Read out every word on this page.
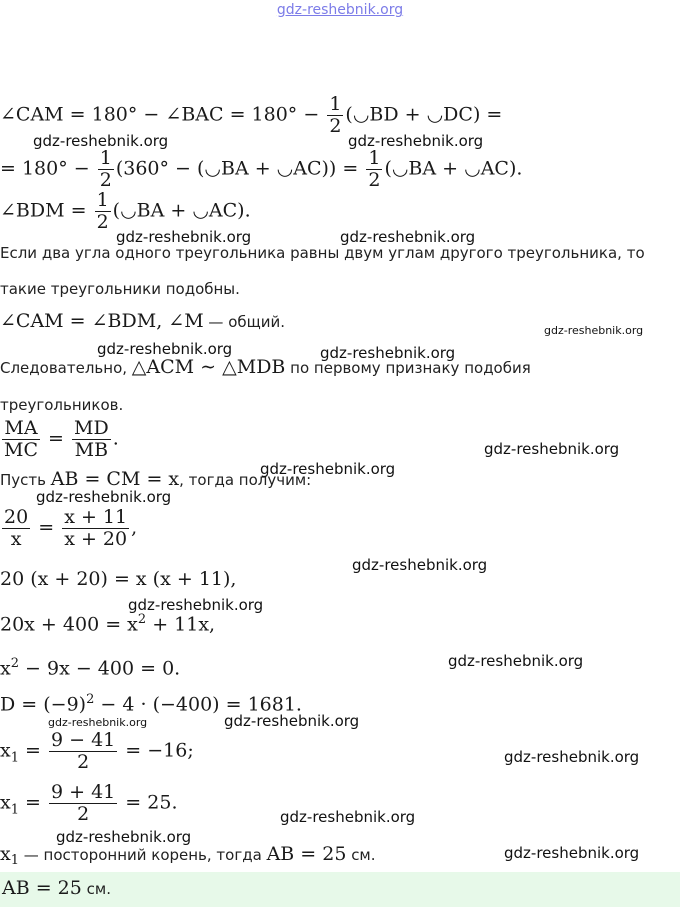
gdz-reshebnik.org
∠CAM = 180° − ∠BAC = $180^\circ - \frac{1}{2}$ (◡BD + ◡DC) =
= $180^\circ - \frac{1}{2} (360^\circ$ − (◡BA + ◡AC)) = $\frac{1}{2}$ (◡BA + ◡AC).
∠BDM = $\frac{1}{2}$ (◡BA + ◡AC).
Если два угла одного треугольника равны двум углам другого треугольника, то
такие треугольники подобны.
∠CAM = ∠BDM, ∠M — общий.
Следовательно, △ACM ∼ △MDB по первому признаку подобия
треугольников.
$\frac{MA}{MC} = \frac{MD}{MB}$ .
Пусть AB = CM = x, тогда получим:
$\frac{20}{x} = \frac{x + 11}{x + 20}$ ,
20 (x + 20) = x (x + 11),
$20x + 400 = x^2 + 11x$,
$x^2 - 9x - 400 = 0$.
$D = (-9)^2 - 4 \cdot (-400) = 1681$.
$x_1 = \frac{9 - 41}{2} = -16$;
$x_1 = \frac{9 + 41}{2} = 25$.
$x_1$ — посторонний корень, тогда AB = 25 см.
AB = 25 см.
gdz-reshebnik.org	gdz-reshebnik.org
gdz-reshebnik.org	gdz-reshebnik.org
gdz-reshebnik.org
gdz-reshebnik.org	gdz-reshebnik.org
gdz-reshebnik.org
gdz-reshebnik.org
gdz-reshebnik.org
gdz-reshebnik.org
gdz-reshebnik.org
gdz-reshebnik.org
gdz-reshebnik.org	gdz-reshebnik.org
gdz-reshebnik.org
gdz-reshebnik.org
gdz-reshebnik.org
gdz-reshebnik.org
